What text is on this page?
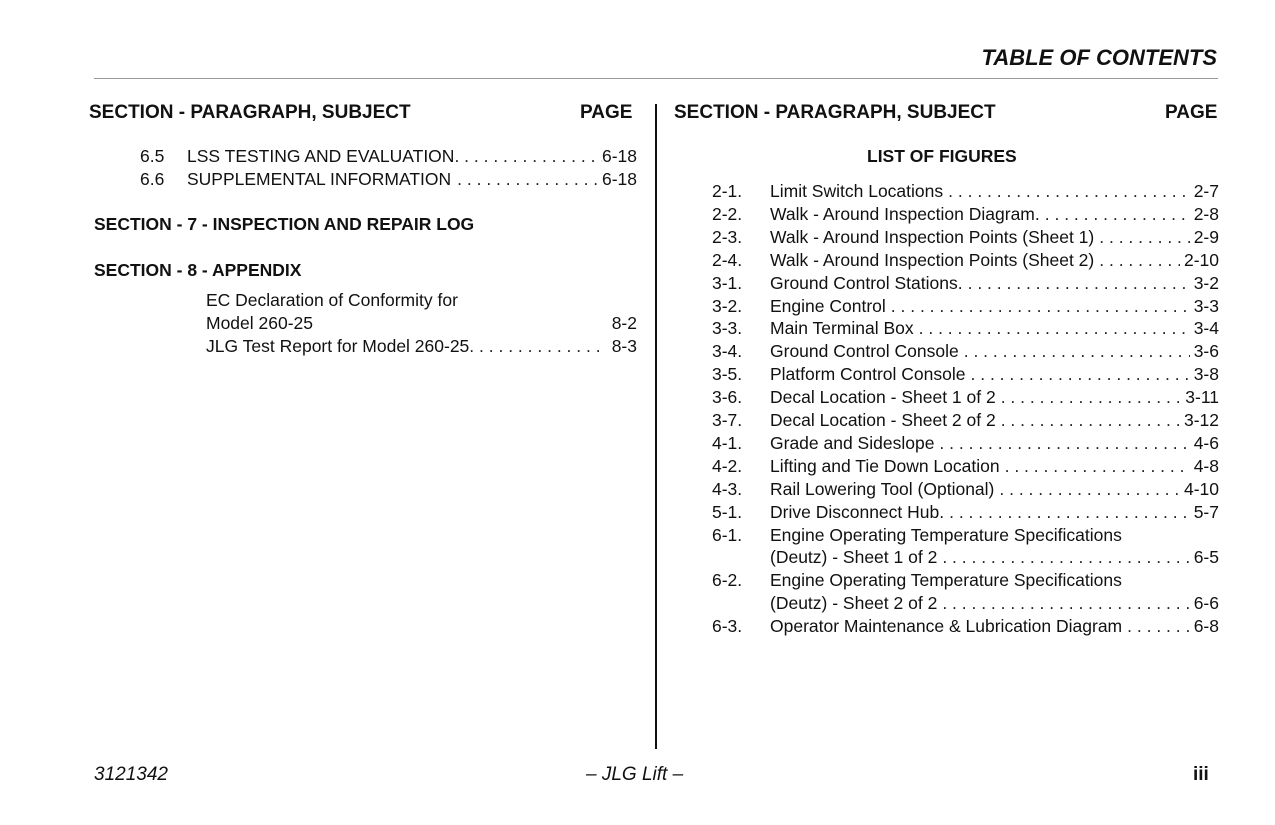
TABLE OF CONTENTS
SECTION - PARAGRAPH, SUBJECT	PAGE SECTION - PARAGRAPH, SUBJECT	PAGE
6.5 LSS TESTING AND EVALUATION . . .	6-18
6.6 SUPPLEMENTAL INFORMATION . . .	6-18
SECTION - 7 - INSPECTION AND REPAIR LOG
SECTION - 8 - APPENDIX
EC Declaration of Conformity for
Model 260-25	8-2
JLG Test Report for Model 260-25 . . .	8-3
LIST OF FIGURES
2-1. Limit Switch Locations . . .	2-7
2-2. Walk - Around Inspection Diagram. . . .	2-8
2-3. Walk - Around Inspection Points (Sheet 1) . . .	2-9
2-4. Walk - Around Inspection Points (Sheet 2) . . .	2-10
3-1. Ground Control Stations. . . .	3-2
3-2. Engine Control . . .	3-3
3-3. Main Terminal Box . . .	3-4
3-4. Ground Control Console . . .	3-6
3-5. Platform Control Console . . .	3-8
3-6. Decal Location - Sheet 1 of 2 . . .	3-11
3-7. Decal Location - Sheet 2 of 2 . . .	3-12
4-1. Grade and Sideslope . . .	4-6
4-2. Lifting and Tie Down Location . . .	4-8
4-3. Rail Lowering Tool (Optional) . . .	4-10
5-1. Drive Disconnect Hub. . . .	5-7
6-1. Engine Operating Temperature Specifications
(Deutz) - Sheet 1 of 2 . . .	6-5
6-2. Engine Operating Temperature Specifications
(Deutz) - Sheet 2 of 2 . . .	6-6
6-3. Operator Maintenance & Lubrication Diagram . . .	6-8
3121342	– JLG Lift –	iii
